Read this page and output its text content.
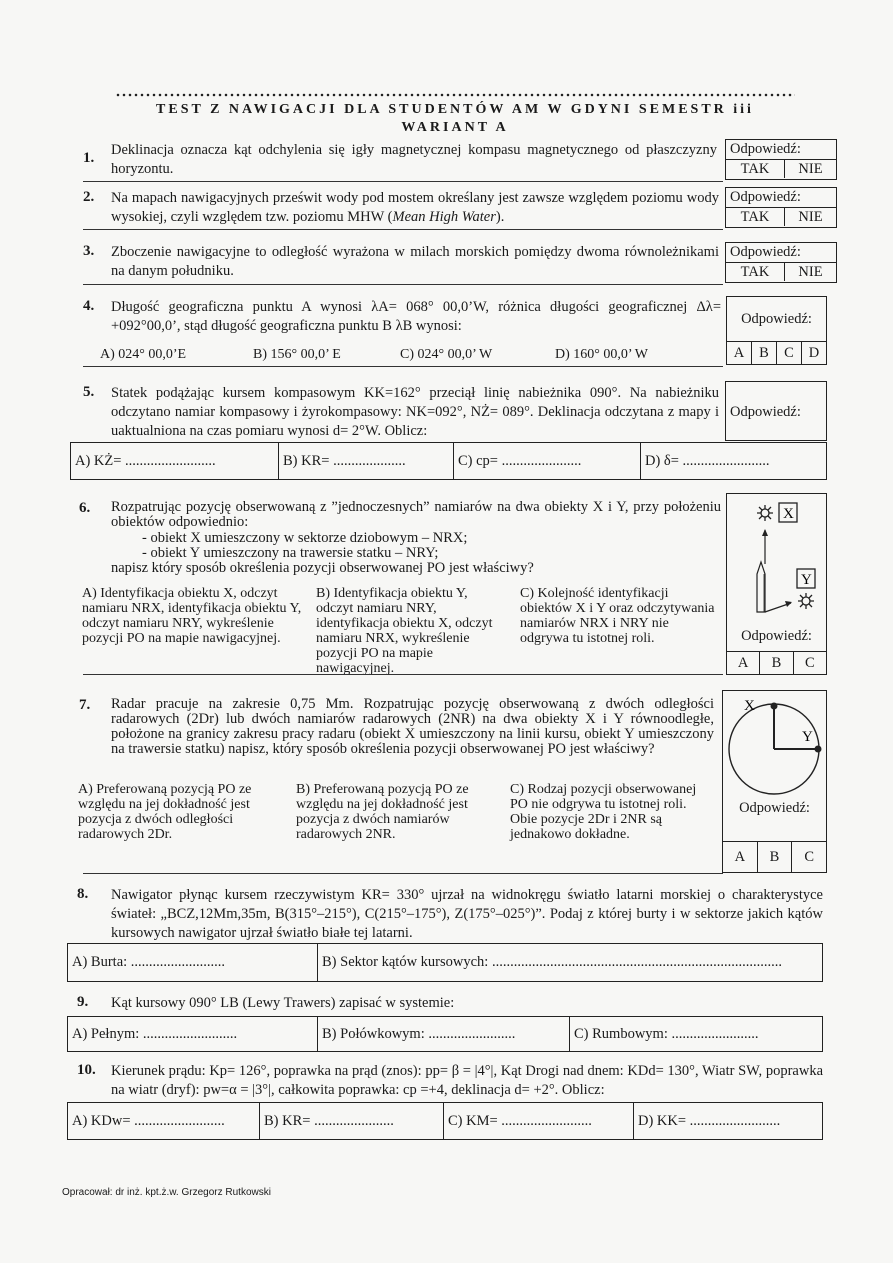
TEST Z NAWIGACJI DLA STUDENTÓW AM W GDYNI SEMESTR iii
WARIANT A
1. Deklinacja oznacza kąt odchylenia się igły magnetycznej kompasu magnetycznego od płaszczyzny horyzontu.
Odpowiedź:
TAK	NIE
2. Na mapach nawigacyjnych prześwit wody pod mostem określany jest zawsze względem poziomu wody wysokiej, czyli względem tzw. poziomu MHW (Mean High Water).
Odpowiedź:
TAK	NIE
3. Zboczenie nawigacyjne to odległość wyrażona w milach morskich pomiędzy dwoma równoleżnikami na danym południku.
Odpowiedź:
TAK	NIE
4. Długość geograficzna punktu A wynosi λA= 068° 00,0’W, różnica długości geograficznej Δλ= +092°00,0’, stąd długość geograficzna punktu B λB wynosi:
A) 024° 00,0’E	B) 156° 00,0’ E	C) 024° 00,0’ W	D) 160° 00,0’ W
Odpowiedź:
A	B	C	D
5. Statek podążając kursem kompasowym KK=162° przeciął linię nabieżnika 090°. Na nabieżniku odczytano namiar kompasowy i żyrokompasowy: NK=092°, NŻ= 089°. Deklinacja odczytana z mapy i uaktualniona na czas pomiaru wynosi d= 2°W. Oblicz:
Odpowiedź:
A) KŻ= .........................	B) KR= ....................	C) cp= ......................	D) δ= ........................
6. Rozpatrując pozycję obserwowaną z ”jednoczesnych” namiarów na dwa obiekty X i Y, przy położeniu obiektów odpowiednio:
- obiekt X umieszczony w sektorze dziobowym – NRX;
- obiekt Y umieszczony na trawersie statku – NRY;
napisz który sposób określenia pozycji obserwowanej PO jest właściwy?
A) Identyfikacja obiektu X, odczyt namiaru NRX, identyfikacja obiektu Y, odczyt namiaru NRY, wykreślenie pozycji PO na mapie nawigacyjnej.
B) Identyfikacja obiektu Y, odczyt namiaru NRY, identyfikacja obiektu X, odczyt namiaru NRX, wykreślenie pozycji PO na mapie nawigacyjnej.
C) Kolejność identyfikacji obiektów X i Y oraz odczytywania namiarów NRX i NRY nie odgrywa tu istotnej roli.
X
Y
Odpowiedź:
A	B	C
7. Radar pracuje na zakresie 0,75 Mm. Rozpatrując pozycję obserwowaną z dwóch odległości radarowych (2Dr) lub dwóch namiarów radarowych (2NR) na dwa obiekty X i Y równoodległe, położone na granicy zakresu pracy radaru (obiekt X umieszczony na linii kursu, obiekt Y umieszczony na trawersie statku) napisz, który sposób określenia pozycji obserwowanej PO jest właściwy?
A) Preferowaną pozycją PO ze względu na jej dokładność jest pozycja z dwóch odległości radarowych 2Dr.
B) Preferowaną pozycją PO ze względu na jej dokładność jest pozycja z dwóch namiarów radarowych 2NR.
C) Rodzaj pozycji obserwowanej PO nie odgrywa tu istotnej roli. Obie pozycje 2Dr i 2NR są jednakowo dokładne.
X
Y
Odpowiedź:
A	B	C
8. Nawigator płynąc kursem rzeczywistym KR= 330° ujrzał na widnokręgu światło latarni morskiej o charakterystyce świateł: „BCZ,12Mm,35m, B(315°–215°), C(215°–175°), Z(175°–025°)”. Podaj z której burty i w sektorze jakich kątów kursowych nawigator ujrzał światło białe tej latarni.
A) Burta: ..........................	B) Sektor kątów kursowych: ................................................................................
9. Kąt kursowy 090° LB (Lewy Trawers) zapisać w systemie:
A) Pełnym: ..........................	B) Połówkowym: ........................	C) Rumbowym: ........................
10. Kierunek prądu: Kp= 126°, poprawka na prąd (znos): pp= β = |4°|, Kąt Drogi nad dnem: KDd= 130°, Wiatr SW, poprawka na wiatr (dryf): pw=α = |3°|, całkowita poprawka: cp =+4, deklinacja d= +2°. Oblicz:
A) KDw= .........................	B) KR= ......................	C) KM= .........................	D) KK= .........................
Opracował: dr inż. kpt.ż.w. Grzegorz Rutkowski
